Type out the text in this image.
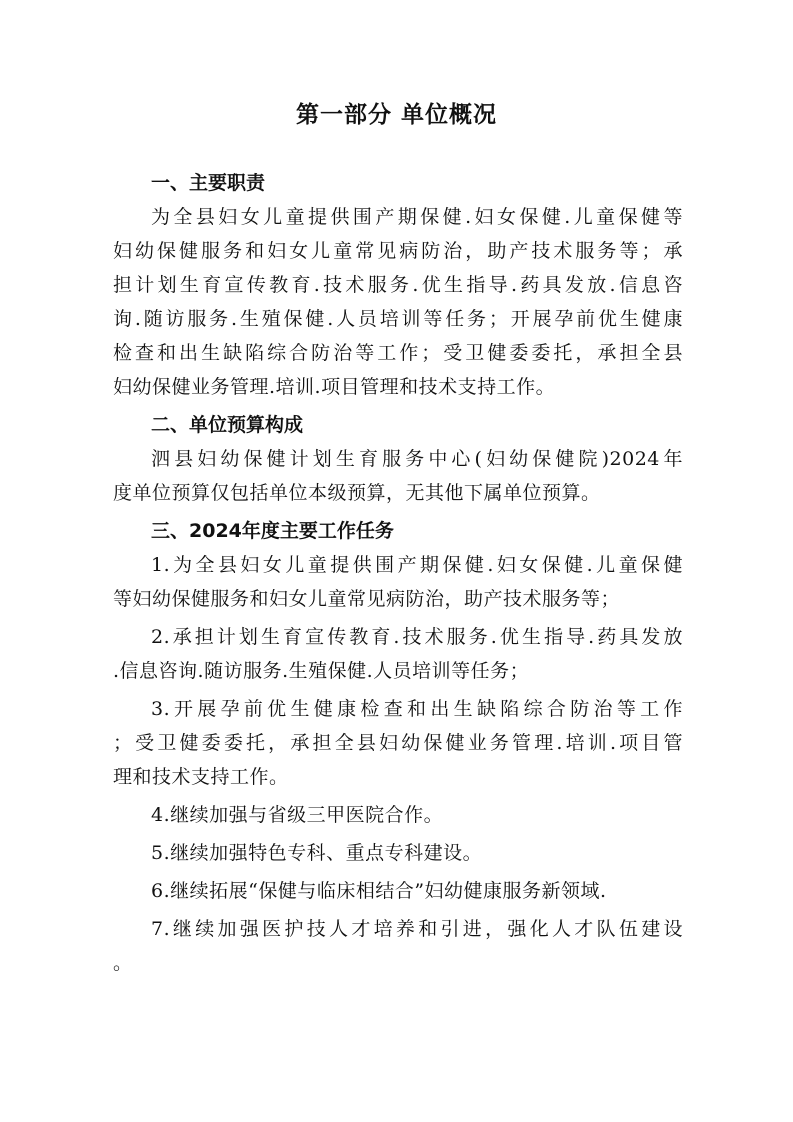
第一部分 单位概况

一、主要职责

为全县妇女儿童提供围产期保健.妇女保健.儿童保健等

妇幼保健服务和妇女儿童常见病防治，助产技术服务等；承

担计划生育宣传教育.技术服务.优生指导.药具发放.信息咨

询.随访服务.生殖保健.人员培训等任务；开展孕前优生健康

检查和出生缺陷综合防治等工作；受卫健委委托，承担全县

妇幼保健业务管理.培训.项目管理和技术支持工作。

二、单位预算构成

泗县妇幼保健计划生育服务中心(妇幼保健院)2024年

度单位预算仅包括单位本级预算，无其他下属单位预算。

三、2024年度主要工作任务

1.为全县妇女儿童提供围产期保健.妇女保健.儿童保健

等妇幼保健服务和妇女儿童常见病防治，助产技术服务等；

2.承担计划生育宣传教育.技术服务.优生指导.药具发放

.信息咨询.随访服务.生殖保健.人员培训等任务；

3.开展孕前优生健康检查和出生缺陷综合防治等工作

；受卫健委委托，承担全县妇幼保健业务管理.培训.项目管

理和技术支持工作。

4.继续加强与省级三甲医院合作。

5.继续加强特色专科、重点专科建设。

6.继续拓展“保健与临床相结合”妇幼健康服务新领域.

7.继续加强医护技人才培养和引进，强化人才队伍建设

。
